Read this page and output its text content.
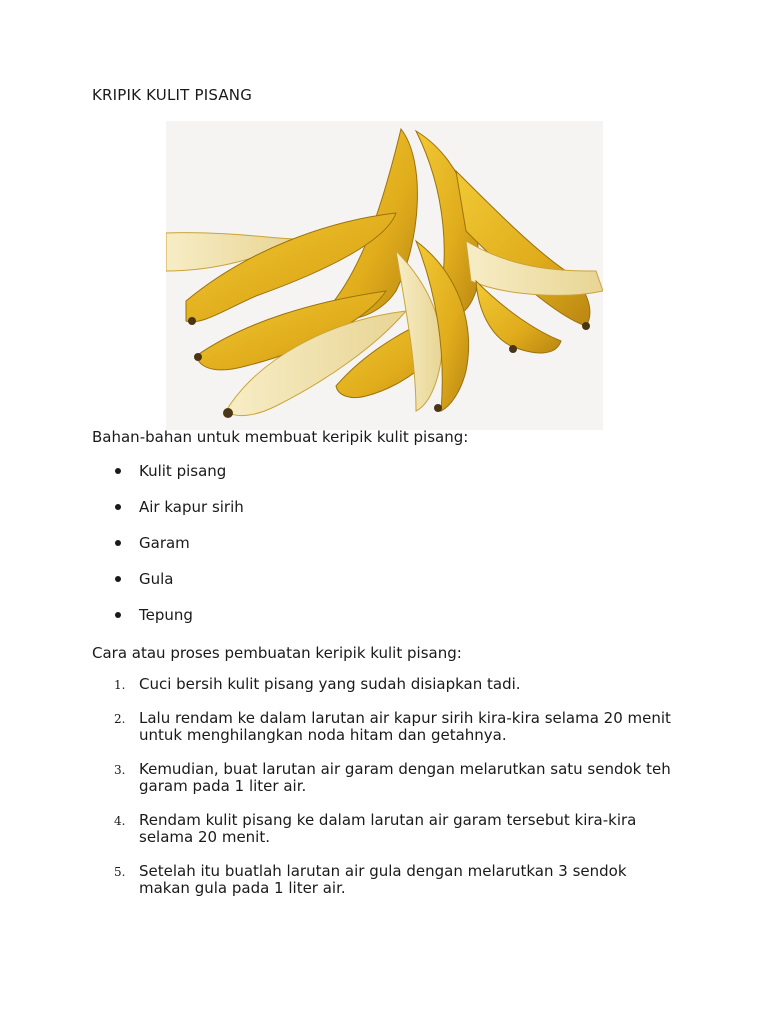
KRIPIK KULIT PISANG

Bahan-bahan untuk membuat keripik kulit pisang:

Kulit pisang
Air kapur sirih
Garam
Gula
Tepung

Cara atau proses pembuatan keripik kulit pisang:

1. Cuci bersih kulit pisang yang sudah disiapkan tadi.
2. Lalu rendam ke dalam larutan air kapur sirih kira-kira selama 20 menit untuk menghilangkan noda hitam dan getahnya.
3. Kemudian, buat larutan air garam dengan melarutkan satu sendok teh garam pada 1 liter air.
4. Rendam kulit pisang ke dalam larutan air garam tersebut kira-kira selama 20 menit.
5. Setelah itu buatlah larutan air gula dengan melarutkan 3 sendok makan gula pada 1 liter air.
